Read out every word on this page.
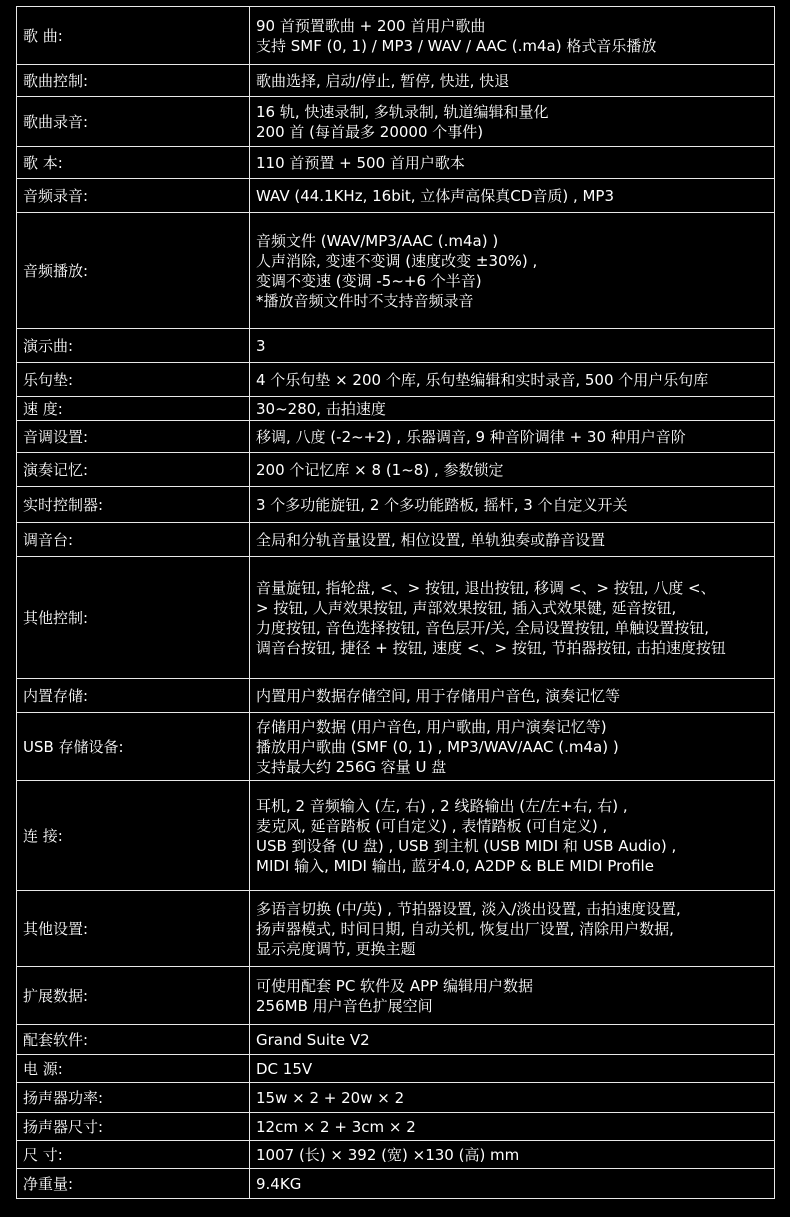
歌 曲:	90 首预置歌曲 + 200 首用户歌曲
支持 SMF (0, 1) / MP3 / WAV / AAC (.m4a) 格式音乐播放

歌曲控制:	歌曲选择, 启动/停止, 暂停, 快进, 快退

歌曲录音:	16 轨, 快速录制, 多轨录制, 轨道编辑和量化
200 首 (每首最多 20000 个事件)

歌 本:	110 首预置 + 500 首用户歌本

音频录音:	WAV (44.1KHz, 16bit, 立体声高保真CD音质) , MP3

音频播放:	音频文件 (WAV/MP3/AAC (.m4a) )
人声消除, 变速不变调 (速度改变 ±30%) ,
变调不变速 (变调 -5~+6 个半音)
*播放音频文件时不支持音频录音

演示曲:	3

乐句垫:	4 个乐句垫 × 200 个库, 乐句垫编辑和实时录音, 500 个用户乐句库

速 度:	30~280, 击拍速度

音调设置:	移调, 八度 (-2~+2) , 乐器调音, 9 种音阶调律 + 30 种用户音阶

演奏记忆:	200 个记忆库 × 8 (1~8) , 参数锁定

实时控制器:	3 个多功能旋钮, 2 个多功能踏板, 摇杆, 3 个自定义开关

调音台:	全局和分轨音量设置, 相位设置, 单轨独奏或静音设置

其他控制:	音量旋钮, 指轮盘, <、> 按钮, 退出按钮, 移调 <、> 按钮, 八度 <、
> 按钮, 人声效果按钮, 声部效果按钮, 插入式效果键, 延音按钮,
力度按钮, 音色选择按钮, 音色层开/关, 全局设置按钮, 单触设置按钮,
调音台按钮, 捷径 + 按钮, 速度 <、> 按钮, 节拍器按钮, 击拍速度按钮

内置存储:	内置用户数据存储空间, 用于存储用户音色, 演奏记忆等

USB 存储设备:	存储用户数据 (用户音色, 用户歌曲, 用户演奏记忆等)
播放用户歌曲 (SMF (0, 1) , MP3/WAV/AAC (.m4a) )
支持最大约 256G 容量 U 盘

连 接:	耳机, 2 音频输入 (左, 右) , 2 线路输出 (左/左+右, 右) ,
麦克风, 延音踏板 (可自定义) , 表情踏板 (可自定义) ,
USB 到设备 (U 盘) , USB 到主机 (USB MIDI 和 USB Audio) ,
MIDI 输入, MIDI 输出, 蓝牙4.0, A2DP & BLE MIDI Profile

其他设置:	多语言切换 (中/英) , 节拍器设置, 淡入/淡出设置, 击拍速度设置,
扬声器模式, 时间日期, 自动关机, 恢复出厂设置, 清除用户数据,
显示亮度调节, 更换主题

扩展数据:	可使用配套 PC 软件及 APP 编辑用户数据
256MB 用户音色扩展空间

配套软件:	Grand Suite V2

电 源:	DC 15V

扬声器功率:	15w × 2 + 20w × 2

扬声器尺寸:	12cm × 2 + 3cm × 2

尺 寸:	1007 (长) × 392 (宽) ×130 (高) mm

净重量:	9.4KG
